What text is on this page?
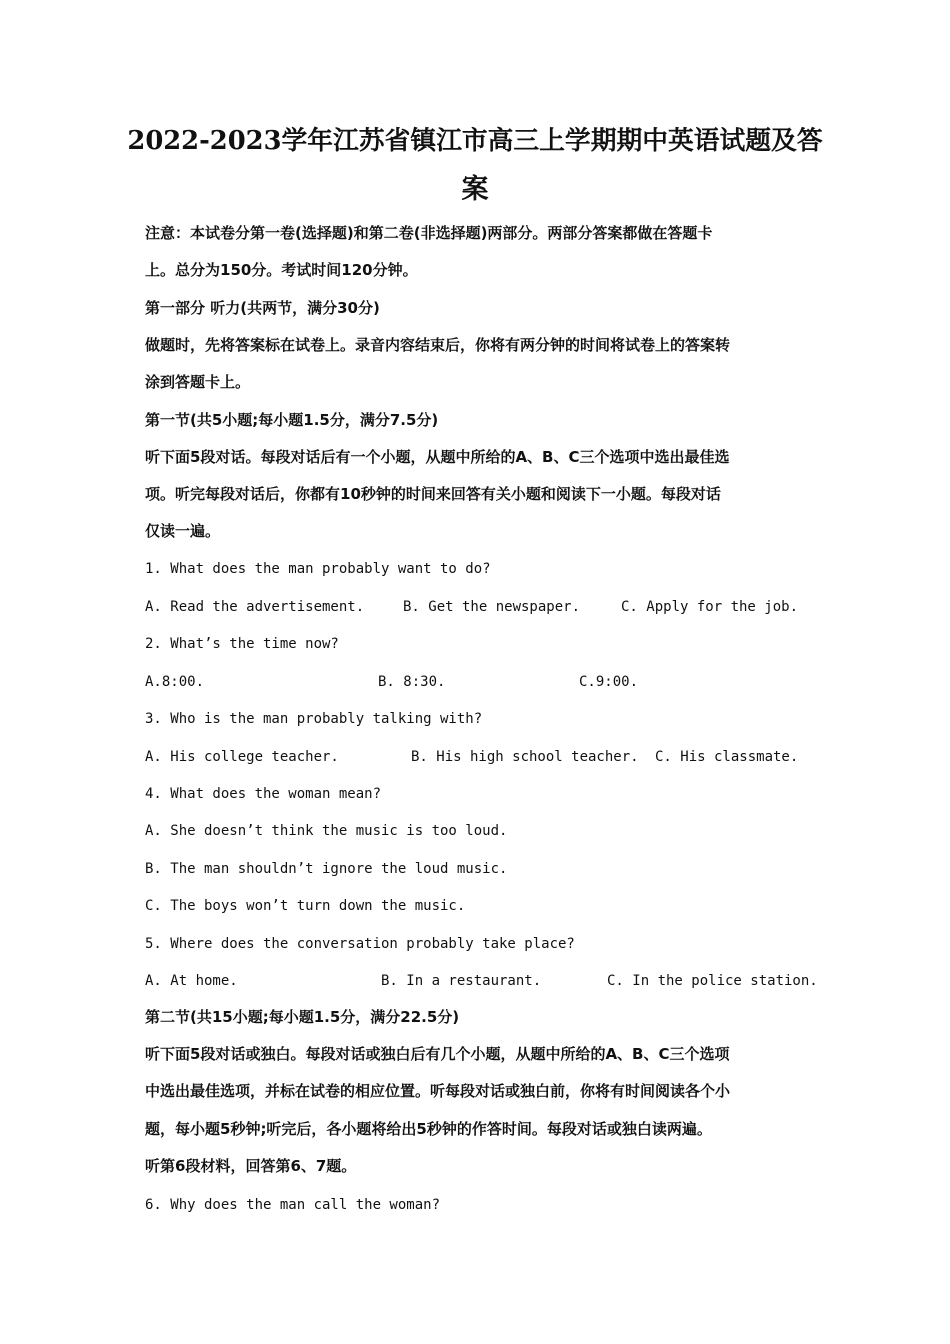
2022-2023学年江苏省镇江市高三上学期期中英语试题及答
案
注意：本试卷分第一卷(选择题)和第二卷(非选择题)两部分。两部分答案都做在答题卡
上。总分为150分。考试时间120分钟。
第一部分 听力(共两节，满分30分)
做题时，先将答案标在试卷上。录音内容结束后，你将有两分钟的时间将试卷上的答案转
涂到答题卡上。
第一节(共5小题;每小题1.5分，满分7.5分)
听下面5段对话。每段对话后有一个小题，从题中所给的A、B、C三个选项中选出最佳选
项。听完每段对话后，你都有10秒钟的时间来回答有关小题和阅读下一小题。每段对话
仅读一遍。
1. What does the man probably want to do?
A. Read the advertisement.	B. Get the newspaper.	C. Apply for the job.
2. What’s the time now?
A.8:00.	B. 8:30.	C.9:00.
3. Who is the man probably talking with?
A. His college teacher.	B. His high school teacher. C. His classmate.
4. What does the woman mean?
A. She doesn’t think the music is too loud.
B. The man shouldn’t ignore the loud music.
C. The boys won’t turn down the music.
5. Where does the conversation probably take place?
A. At home.	B. In a restaurant.	C. In the police station.
第二节(共15小题;每小题1.5分，满分22.5分)
听下面5段对话或独白。每段对话或独白后有几个小题，从题中所给的A、B、C三个选项
中选出最佳选项，并标在试卷的相应位置。听每段对话或独白前，你将有时间阅读各个小
题，每小题5秒钟;听完后，各小题将给出5秒钟的作答时间。每段对话或独白读两遍。
听第6段材料，回答第6、7题。
6. Why does the man call the woman?
